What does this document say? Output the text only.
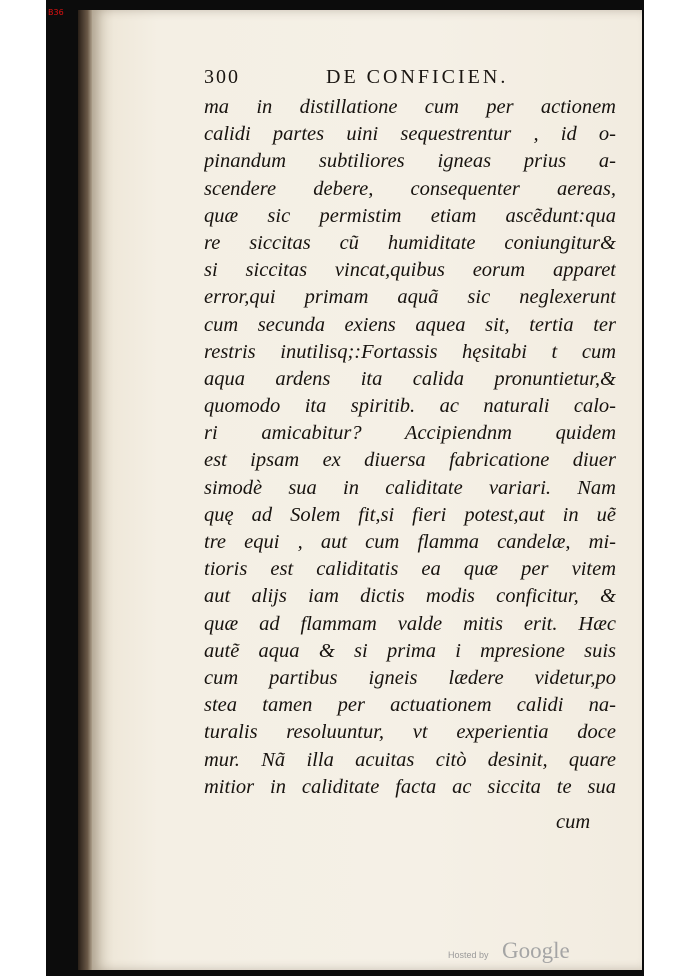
B36
300	DE CONFICIEN.
ma in distillatione cum per actionem
calidi partes uini sequestrentur , id o-
pinandum subtiliores igneas prius a-
scendere debere, consequenter aereas,
quæ sic permistim etiam ascẽdunt:qua
re siccitas cũ humiditate coniungitur&
si siccitas vincat,quibus eorum apparet
error,qui primam aquã sic neglexerunt
cum secunda exiens aquea sit, tertia ter
restris inutilisq;:Fortassis hęsitabi t cum
aqua ardens ita calida pronuntietur,&
quomodo ita spiritib. ac naturali calo-
ri amicabitur? Accipiendnm quidem
est ipsam ex diuersa fabricatione diuer
simodè sua in caliditate variari. Nam
quę ad Solem fit,si fieri potest,aut in uẽ
tre equi , aut cum flamma candelæ, mi-
tioris est caliditatis ea quæ per vitem
aut alijs iam dictis modis conficitur, &
quæ ad flammam valde mitis erit. Hæc
autẽ aqua & si prima i mpresione suis
cum partibus igneis lædere videtur,po
stea tamen per actuationem calidi na-
turalis resoluuntur, vt experientia doce
mur. Nã illa acuitas citò desinit, quare
mitior in caliditate facta ac siccita te sua
cum
Hosted by Google
